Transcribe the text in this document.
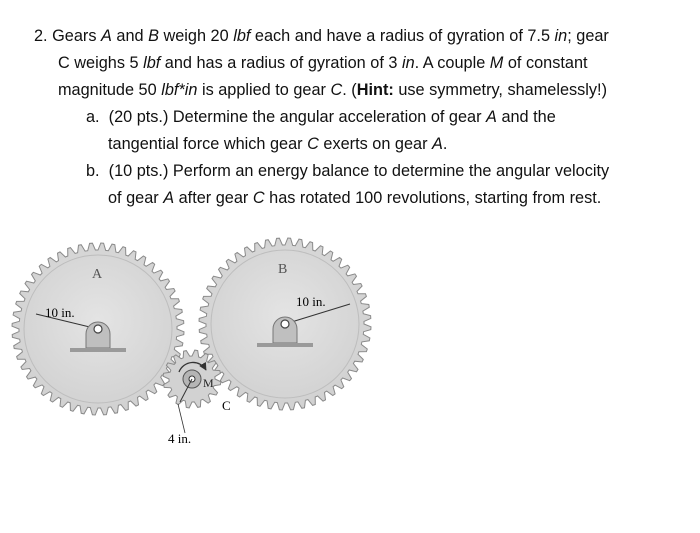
2. Gears A and B weigh 20 lbf each and have a radius of gyration of 7.5 in; gear
C weighs 5 lbf and has a radius of gyration of 3 in. A couple M of constant
magnitude 50 lbf*in is applied to gear C. (Hint: use symmetry, shamelessly!)
a. (20 pts.) Determine the angular acceleration of gear A and the
tangential force which gear C exerts on gear A.
b. (10 pts.) Perform an energy balance to determine the angular velocity
of gear A after gear C has rotated 100 revolutions, starting from rest.
10 in.
A
10 in.
B
M
4 in.
C
